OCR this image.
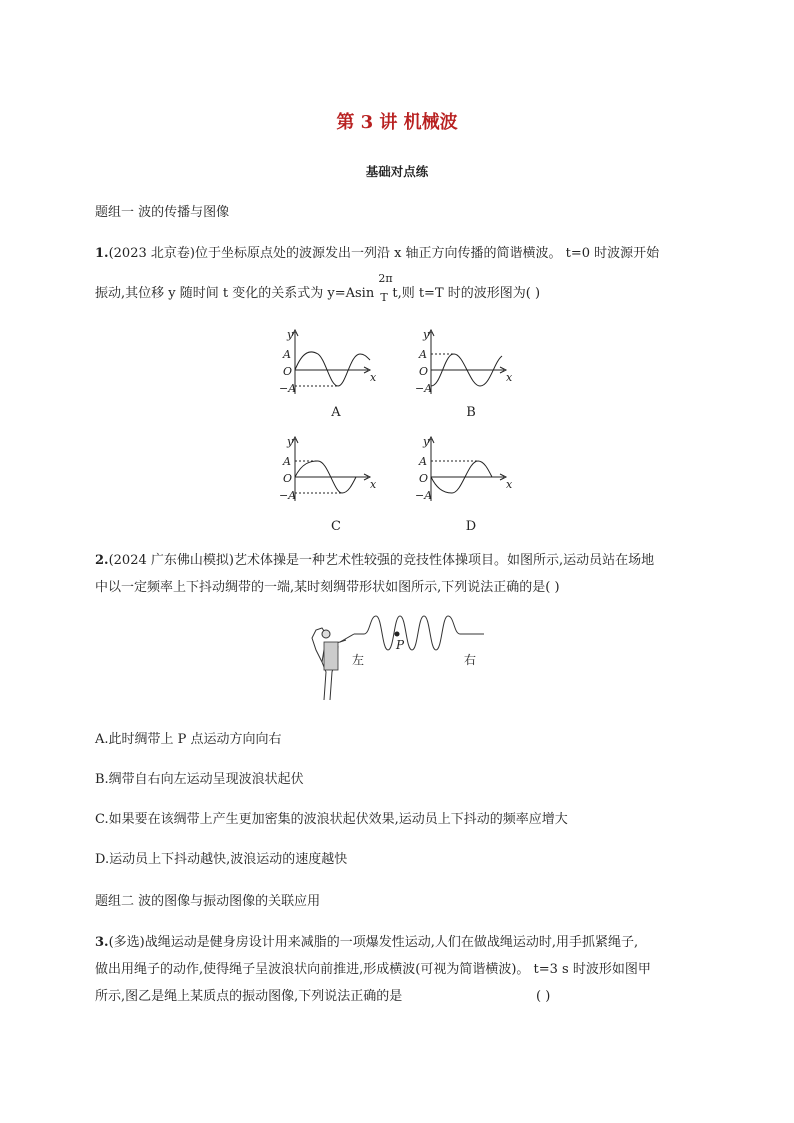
第 3 讲 机械波
基础对点练
题组一 波的传播与图像
1.(2023 北京卷)位于坐标原点处的波源发出一列沿 x 轴正方向传播的简谐横波。 t=0 时波源开始
振动,其位移 y 随时间 t 变化的关系式为 y=Asin
2π
T t,则 t=T 时的波形图为( )
y
A
O
−A
x
y
A
O
−A
x
y
A
O
−A
x
y
A
O
−A
x
A	B
C	D
2.(2024 广东佛山模拟)艺术体操是一种艺术性较强的竞技性体操项目。如图所示,运动员站在场地
中以一定频率上下抖动绸带的一端,某时刻绸带形状如图所示,下列说法正确的是( )
P
左	右
A.此时绸带上 P 点运动方向向右
B.绸带自右向左运动呈现波浪状起伏
C.如果要在该绸带上产生更加密集的波浪状起伏效果,运动员上下抖动的频率应增大
D.运动员上下抖动越快,波浪运动的速度越快
题组二 波的图像与振动图像的关联应用
3.(多选)战绳运动是健身房设计用来减脂的一项爆发性运动,人们在做战绳运动时,用手抓紧绳子,
做出用绳子的动作,使得绳子呈波浪状向前推进,形成横波(可视为简谐横波)。 t=3 s 时波形如图甲
所示,图乙是绳上某质点的振动图像,下列说法正确的是	( )
